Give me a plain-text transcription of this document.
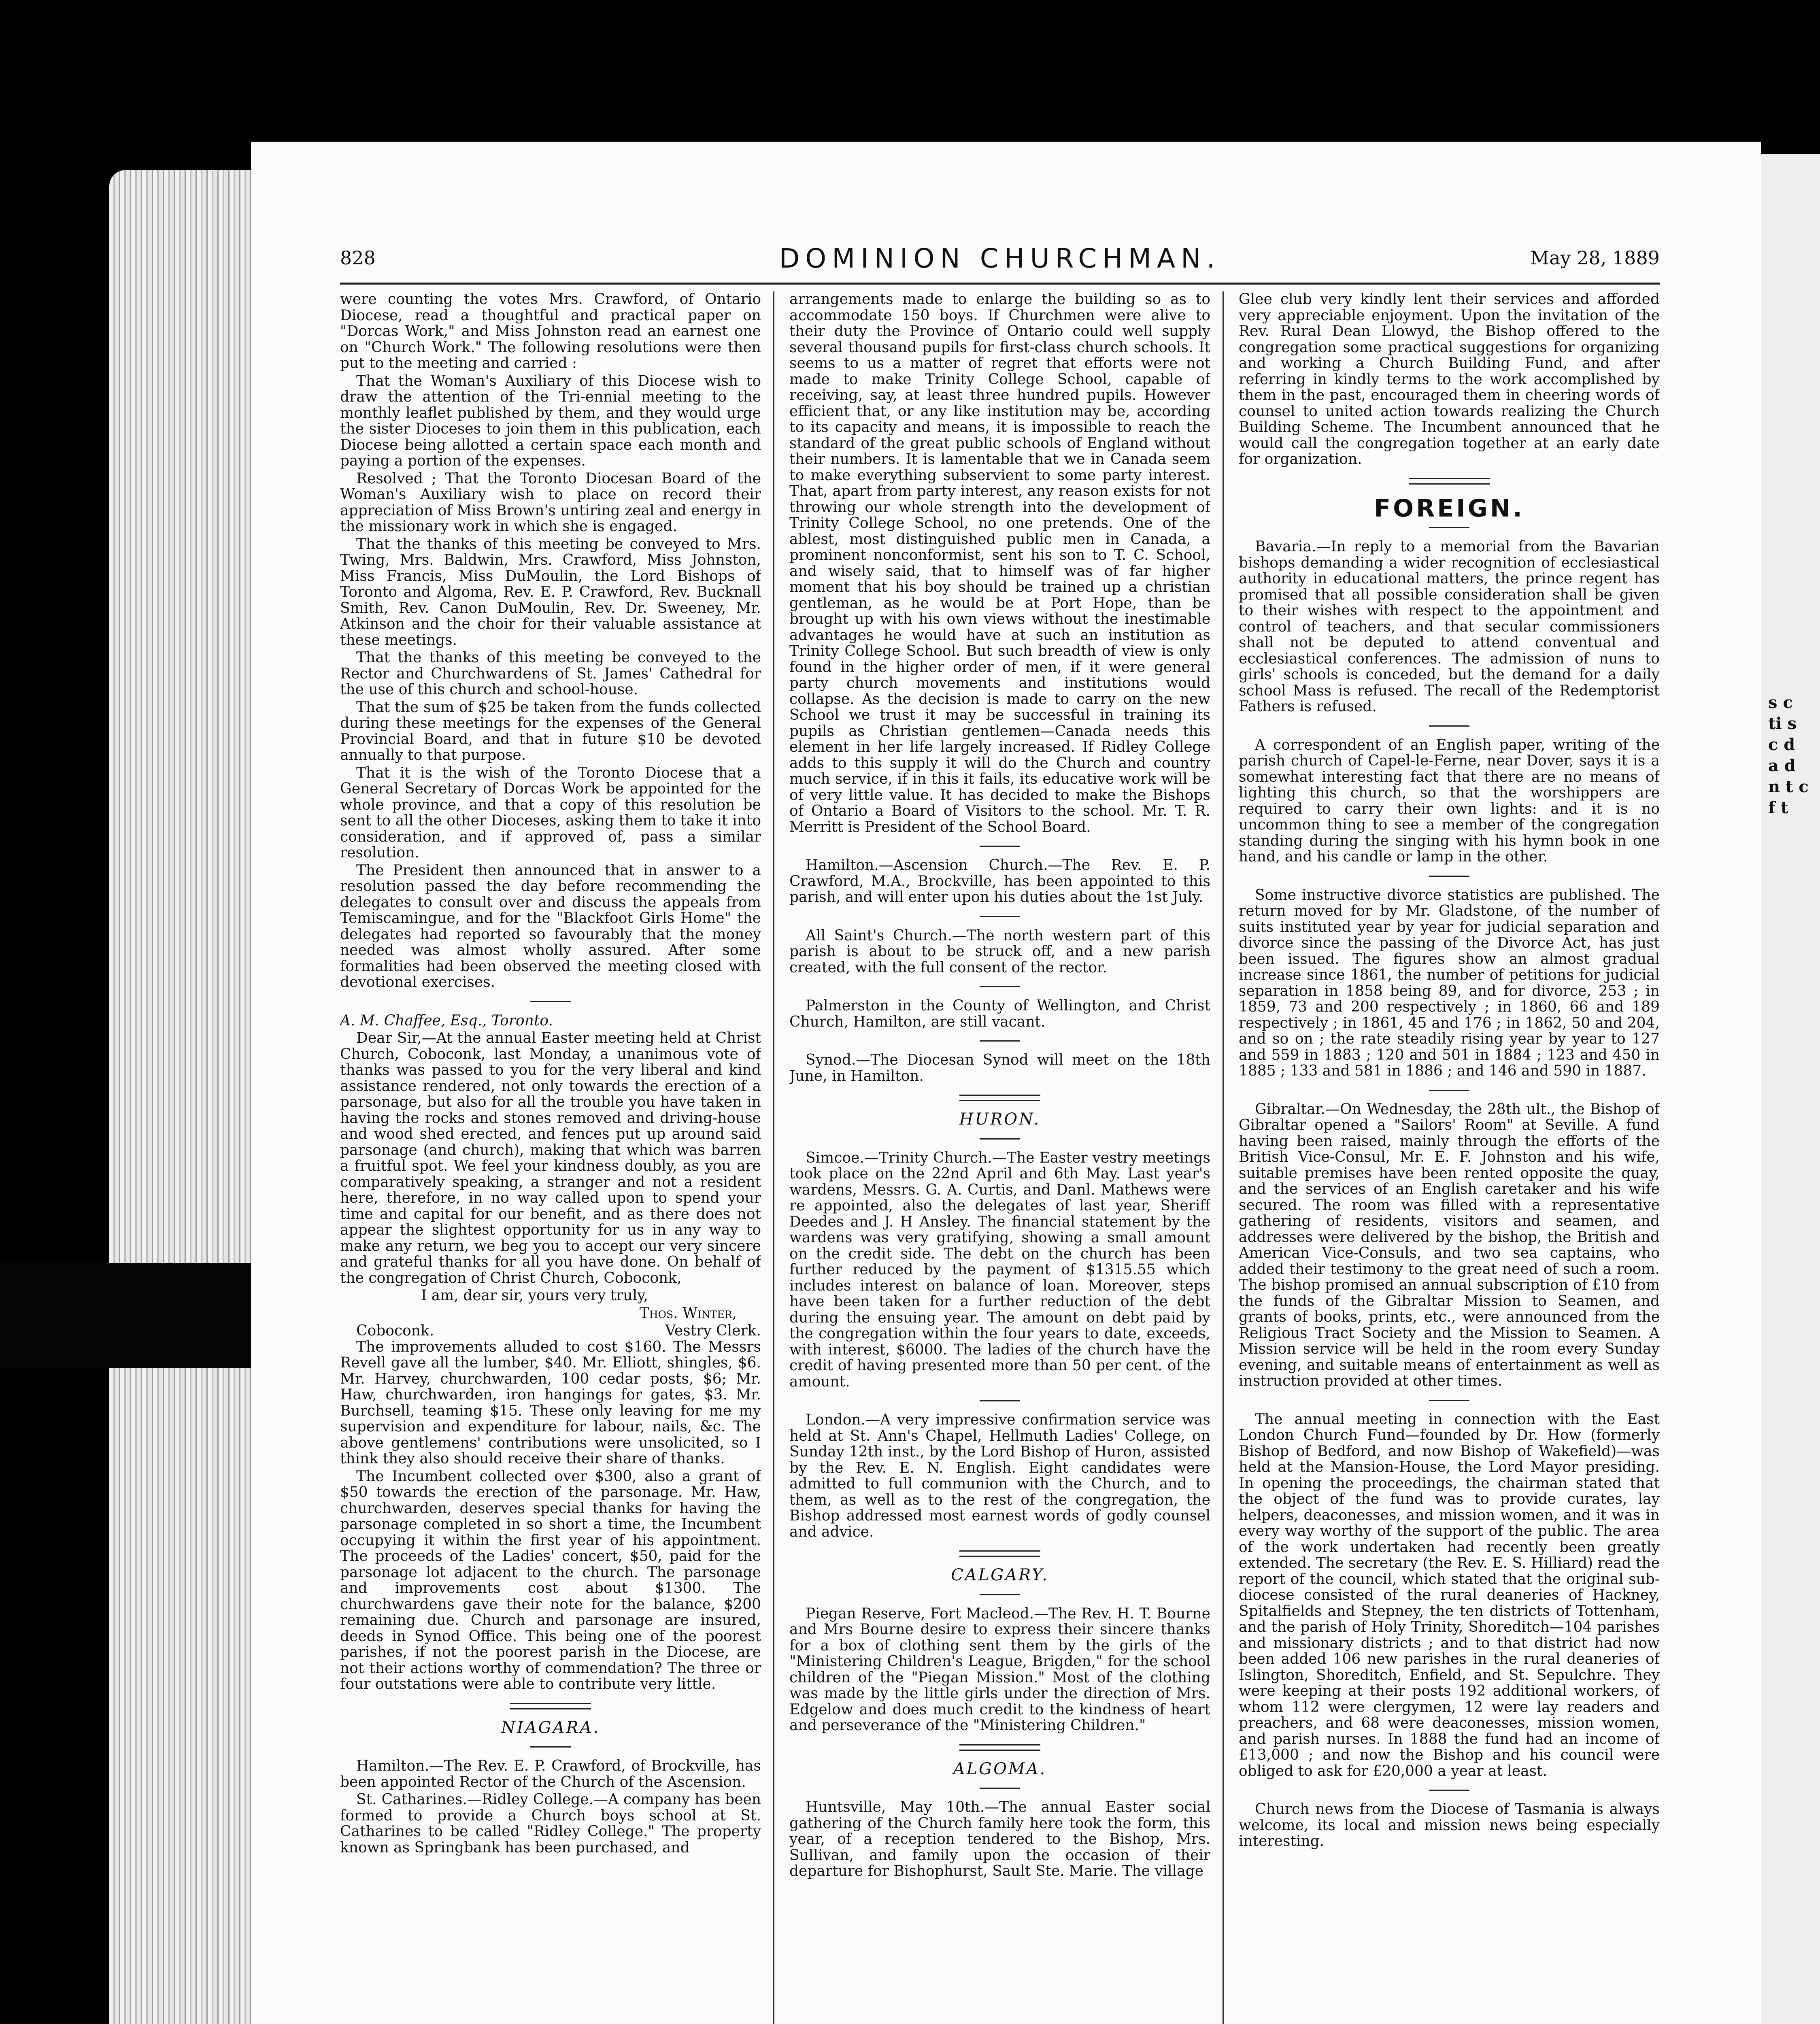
s c ti s c d a d n t c f t
828	DOMINION CHURCHMAN.	May 28, 1889

were counting the votes Mrs. Crawford, of Ontario Diocese, read a thoughtful and practical paper on "Dorcas Work," and Miss Johnston read an earnest one on "Church Work." The following resolutions were then put to the meeting and carried :

That the Woman's Auxiliary of this Diocese wish to draw the attention of the Tri-ennial meeting to the monthly leaflet published by them, and they would urge the sister Dioceses to join them in this publication, each Diocese being allotted a certain space each month and paying a portion of the expenses.

Resolved ; That the Toronto Diocesan Board of the Woman's Auxiliary wish to place on record their appreciation of Miss Brown's untiring zeal and energy in the missionary work in which she is engaged.

That the thanks of this meeting be conveyed to Mrs. Twing, Mrs. Baldwin, Mrs. Crawford, Miss Johnston, Miss Francis, Miss DuMoulin, the Lord Bishops of Toronto and Algoma, Rev. E. P. Crawford, Rev. Bucknall Smith, Rev. Canon DuMoulin, Rev. Dr. Sweeney, Mr. Atkinson and the choir for their valuable assistance at these meetings.

That the thanks of this meeting be conveyed to the Rector and Churchwardens of St. James' Cathedral for the use of this church and school-house.

That the sum of $25 be taken from the funds collected during these meetings for the expenses of the General Provincial Board, and that in future $10 be devoted annually to that purpose.

That it is the wish of the Toronto Diocese that a General Secretary of Dorcas Work be appointed for the whole province, and that a copy of this resolution be sent to all the other Dioceses, asking them to take it into consideration, and if approved of, pass a similar resolution.

The President then announced that in answer to a resolution passed the day before recommending the delegates to consult over and discuss the appeals from Temiscamingue, and for the "Blackfoot Girls Home" the delegates had reported so favourably that the money needed was almost wholly assured. After some formalities had been observed the meeting closed with devotional exercises.

A. M. Chaffee, Esq., Toronto.

Dear Sir,—At the annual Easter meeting held at Christ Church, Coboconk, last Monday, a unanimous vote of thanks was passed to you for the very liberal and kind assistance rendered, not only towards the erection of a parsonage, but also for all the trouble you have taken in having the rocks and stones removed and driving-house and wood shed erected, and fences put up around said parsonage (and church), making that which was barren a fruitful spot. We feel your kindness doubly, as you are comparatively speaking, a stranger and not a resident here, therefore, in no way called upon to spend your time and capital for our benefit, and as there does not appear the slightest opportunity for us in any way to make any return, we beg you to accept our very sincere and grateful thanks for all you have done. On behalf of the congregation of Christ Church, Coboconk,

I am, dear sir, yours very truly,

Thos. Winter,

Coboconk.	Vestry Clerk.

The improvements alluded to cost $160. The Messrs Revell gave all the lumber, $40. Mr. Elliott, shingles, $6. Mr. Harvey, churchwarden, 100 cedar posts, $6; Mr. Haw, churchwarden, iron hangings for gates, $3. Mr. Burchsell, teaming $15. These only leaving for me my supervision and expenditure for labour, nails, &c. The above gentlemens' contributions were unsolicited, so I think they also should receive their share of thanks.

The Incumbent collected over $300, also a grant of $50 towards the erection of the parsonage. Mr. Haw, churchwarden, deserves special thanks for having the parsonage completed in so short a time, the Incumbent occupying it within the first year of his appointment. The proceeds of the Ladies' concert, $50, paid for the parsonage lot adjacent to the church. The parsonage and improvements cost about $1300. The churchwardens gave their note for the balance, $200 remaining due. Church and parsonage are insured, deeds in Synod Office. This being one of the poorest parishes, if not the poorest parish in the Diocese, are not their actions worthy of commendation? The three or four outstations were able to contribute very little.

NIAGARA.

Hamilton.—The Rev. E. P. Crawford, of Brockville, has been appointed Rector of the Church of the Ascension.

St. Catharines.—Ridley College.—A company has been formed to provide a Church boys school at St. Catharines to be called "Ridley College." The property known as Springbank has been purchased, and

arrangements made to enlarge the building so as to accommodate 150 boys. If Churchmen were alive to their duty the Province of Ontario could well supply several thousand pupils for first-class church schools. It seems to us a matter of regret that efforts were not made to make Trinity College School, capable of receiving, say, at least three hundred pupils. However efficient that, or any like institution may be, according to its capacity and means, it is impossible to reach the standard of the great public schools of England without their numbers. It is lamentable that we in Canada seem to make everything subservient to some party interest. That, apart from party interest, any reason exists for not throwing our whole strength into the development of Trinity College School, no one pretends. One of the ablest, most distinguished public men in Canada, a prominent nonconformist, sent his son to T. C. School, and wisely said, that to himself was of far higher moment that his boy should be trained up a christian gentleman, as he would be at Port Hope, than be brought up with his own views without the inestimable advantages he would have at such an institution as Trinity College School. But such breadth of view is only found in the higher order of men, if it were general party church movements and institutions would collapse. As the decision is made to carry on the new School we trust it may be successful in training its pupils as Christian gentlemen—Canada needs this element in her life largely increased. If Ridley College adds to this supply it will do the Church and country much service, if in this it fails, its educative work will be of very little value. It has decided to make the Bishops of Ontario a Board of Visitors to the school. Mr. T. R. Merritt is President of the School Board.

Hamilton.—Ascension Church.—The Rev. E. P. Crawford, M.A., Brockville, has been appointed to this parish, and will enter upon his duties about the 1st July.

All Saint's Church.—The north western part of this parish is about to be struck off, and a new parish created, with the full consent of the rector.

Palmerston in the County of Wellington, and Christ Church, Hamilton, are still vacant.

Synod.—The Diocesan Synod will meet on the 18th June, in Hamilton.

HURON.

Simcoe.—Trinity Church.—The Easter vestry meetings took place on the 22nd April and 6th May. Last year's wardens, Messrs. G. A. Curtis, and Danl. Mathews were re appointed, also the delegates of last year, Sheriff Deedes and J. H Ansley. The financial statement by the wardens was very gratifying, showing a small amount on the credit side. The debt on the church has been further reduced by the payment of $1315.55 which includes interest on balance of loan. Moreover, steps have been taken for a further reduction of the debt during the ensuing year. The amount on debt paid by the congregation within the four years to date, exceeds, with interest, $6000. The ladies of the church have the credit of having presented more than 50 per cent. of the amount.

London.—A very impressive confirmation service was held at St. Ann's Chapel, Hellmuth Ladies' College, on Sunday 12th inst., by the Lord Bishop of Huron, assisted by the Rev. E. N. English. Eight candidates were admitted to full communion with the Church, and to them, as well as to the rest of the congregation, the Bishop addressed most earnest words of godly counsel and advice.

CALGARY.

Piegan Reserve, Fort Macleod.—The Rev. H. T. Bourne and Mrs Bourne desire to express their sincere thanks for a box of clothing sent them by the girls of the "Ministering Children's League, Brigden," for the school children of the "Piegan Mission." Most of the clothing was made by the little girls under the direction of Mrs. Edgelow and does much credit to the kindness of heart and perseverance of the "Ministering Children."

ALGOMA.

Huntsville, May 10th.—The annual Easter social gathering of the Church family here took the form, this year, of a reception tendered to the Bishop, Mrs. Sullivan, and family upon the occasion of their departure for Bishophurst, Sault Ste. Marie. The village

Glee club very kindly lent their services and afforded very appreciable enjoyment. Upon the invitation of the Rev. Rural Dean Llowyd, the Bishop offered to the congregation some practical suggestions for organizing and working a Church Building Fund, and after referring in kindly terms to the work accomplished by them in the past, encouraged them in cheering words of counsel to united action towards realizing the Church Building Scheme. The Incumbent announced that he would call the congregation together at an early date for organization.

FOREIGN.

Bavaria.—In reply to a memorial from the Bavarian bishops demanding a wider recognition of ecclesiastical authority in educational matters, the prince regent has promised that all possible consideration shall be given to their wishes with respect to the appointment and control of teachers, and that secular commissioners shall not be deputed to attend conventual and ecclesiastical conferences. The admission of nuns to girls' schools is conceded, but the demand for a daily school Mass is refused. The recall of the Redemptorist Fathers is refused.

A correspondent of an English paper, writing of the parish church of Capel-le-Ferne, near Dover, says it is a somewhat interesting fact that there are no means of lighting this church, so that the worshippers are required to carry their own lights: and it is no uncommon thing to see a member of the congregation standing during the singing with his hymn book in one hand, and his candle or lamp in the other.

Some instructive divorce statistics are published. The return moved for by Mr. Gladstone, of the number of suits instituted year by year for judicial separation and divorce since the passing of the Divorce Act, has just been issued. The figures show an almost gradual increase since 1861, the number of petitions for judicial separation in 1858 being 89, and for divorce, 253 ; in 1859, 73 and 200 respectively ; in 1860, 66 and 189 respectively ; in 1861, 45 and 176 ; in 1862, 50 and 204, and so on ; the rate steadily rising year by year to 127 and 559 in 1883 ; 120 and 501 in 1884 ; 123 and 450 in 1885 ; 133 and 581 in 1886 ; and 146 and 590 in 1887.

Gibraltar.—On Wednesday, the 28th ult., the Bishop of Gibraltar opened a "Sailors' Room" at Seville. A fund having been raised, mainly through the efforts of the British Vice-Consul, Mr. E. F. Johnston and his wife, suitable premises have been rented opposite the quay, and the services of an English caretaker and his wife secured. The room was filled with a representative gathering of residents, visitors and seamen, and addresses were delivered by the bishop, the British and American Vice-Consuls, and two sea captains, who added their testimony to the great need of such a room. The bishop promised an annual subscription of £10 from the funds of the Gibraltar Mission to Seamen, and grants of books, prints, etc., were announced from the Religious Tract Society and the Mission to Seamen. A Mission service will be held in the room every Sunday evening, and suitable means of entertainment as well as instruction provided at other times.

The annual meeting in connection with the East London Church Fund—founded by Dr. How (formerly Bishop of Bedford, and now Bishop of Wakefield)—was held at the Mansion-House, the Lord Mayor presiding. In opening the proceedings, the chairman stated that the object of the fund was to provide curates, lay helpers, deaconesses, and mission women, and it was in every way worthy of the support of the public. The area of the work undertaken had recently been greatly extended. The secretary (the Rev. E. S. Hilliard) read the report of the council, which stated that the original sub-diocese consisted of the rural deaneries of Hackney, Spitalfields and Stepney, the ten districts of Tottenham, and the parish of Holy Trinity, Shoreditch—104 parishes and missionary districts ; and to that district had now been added 106 new parishes in the rural deaneries of Islington, Shoreditch, Enfield, and St. Sepulchre. They were keeping at their posts 192 additional workers, of whom 112 were clergymen, 12 were lay readers and preachers, and 68 were deaconesses, mission women, and parish nurses. In 1888 the fund had an income of £13,000 ; and now the Bishop and his council were obliged to ask for £20,000 a year at least.

Church news from the Diocese of Tasmania is always welcome, its local and mission news being especially interesting.
